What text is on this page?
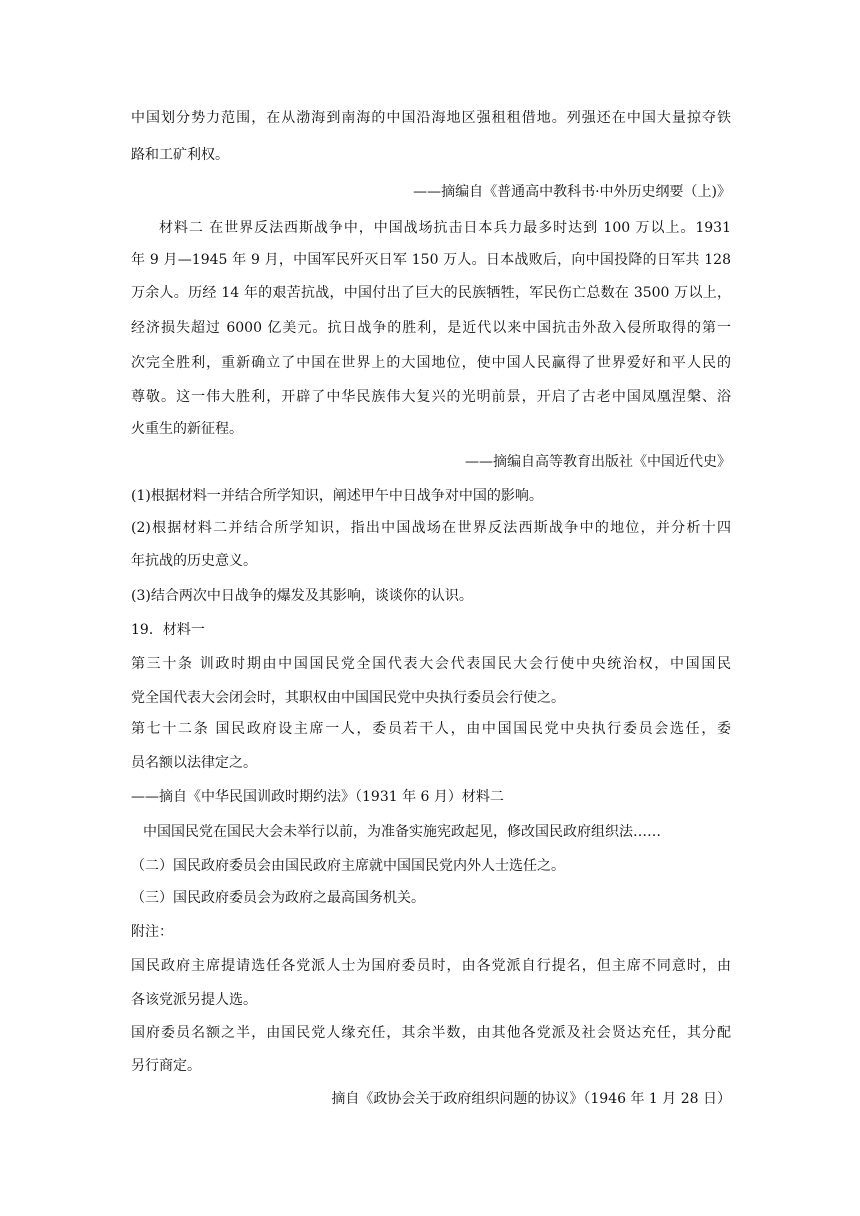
中国划分势力范围，在从渤海到南海的中国沿海地区强租租借地。列强还在中国大量掠夺铁
路和工矿利权。
——摘编自《普通高中教科书·中外历史纲要（上)》
材料二 在世界反法西斯战争中，中国战场抗击日本兵力最多时达到 100 万以上。1931
年 9 月—1945 年 9 月，中国军民歼灭日军 150 万人。日本战败后，向中国投降的日军共 128
万余人。历经 14 年的艰苦抗战，中国付出了巨大的民族牺牲，军民伤亡总数在 3500 万以上，
经济损失超过 6000 亿美元。抗日战争的胜利，是近代以来中国抗击外敌入侵所取得的第一
次完全胜利，重新确立了中国在世界上的大国地位，使中国人民赢得了世界爱好和平人民的
尊敬。这一伟大胜利，开辟了中华民族伟大复兴的光明前景，开启了古老中国凤凰涅槃、浴
火重生的新征程。
——摘编自高等教育出版社《中国近代史》
(1)根据材料一并结合所学知识，阐述甲午中日战争对中国的影响。
(2)根据材料二并结合所学知识，指出中国战场在世界反法西斯战争中的地位，并分析十四
年抗战的历史意义。
(3)结合两次中日战争的爆发及其影响，谈谈你的认识。
19．材料一
第三十条 训政时期由中国国民党全国代表大会代表国民大会行使中央统治权，中国国民
党全国代表大会闭会时，其职权由中国国民党中央执行委员会行使之。
第七十二条 国民政府设主席一人，委员若干人，由中国国民党中央执行委员会选任，委
员名额以法律定之。
——摘自《中华民国训政时期约法》（1931 年 6 月）材料二
中国国民党在国民大会未举行以前，为准备实施宪政起见，修改国民政府组织法……
（二）国民政府委员会由国民政府主席就中国国民党内外人士选任之。
（三）国民政府委员会为政府之最高国务机关。
附注：
国民政府主席提请选任各党派人士为国府委员时，由各党派自行提名，但主席不同意时，由
各该党派另提人选。
国府委员名额之半，由国民党人缘充任，其余半数，由其他各党派及社会贤达充任，其分配
另行商定。
摘自《政协会关于政府组织问题的协议》（1946 年 1 月 28 日）
